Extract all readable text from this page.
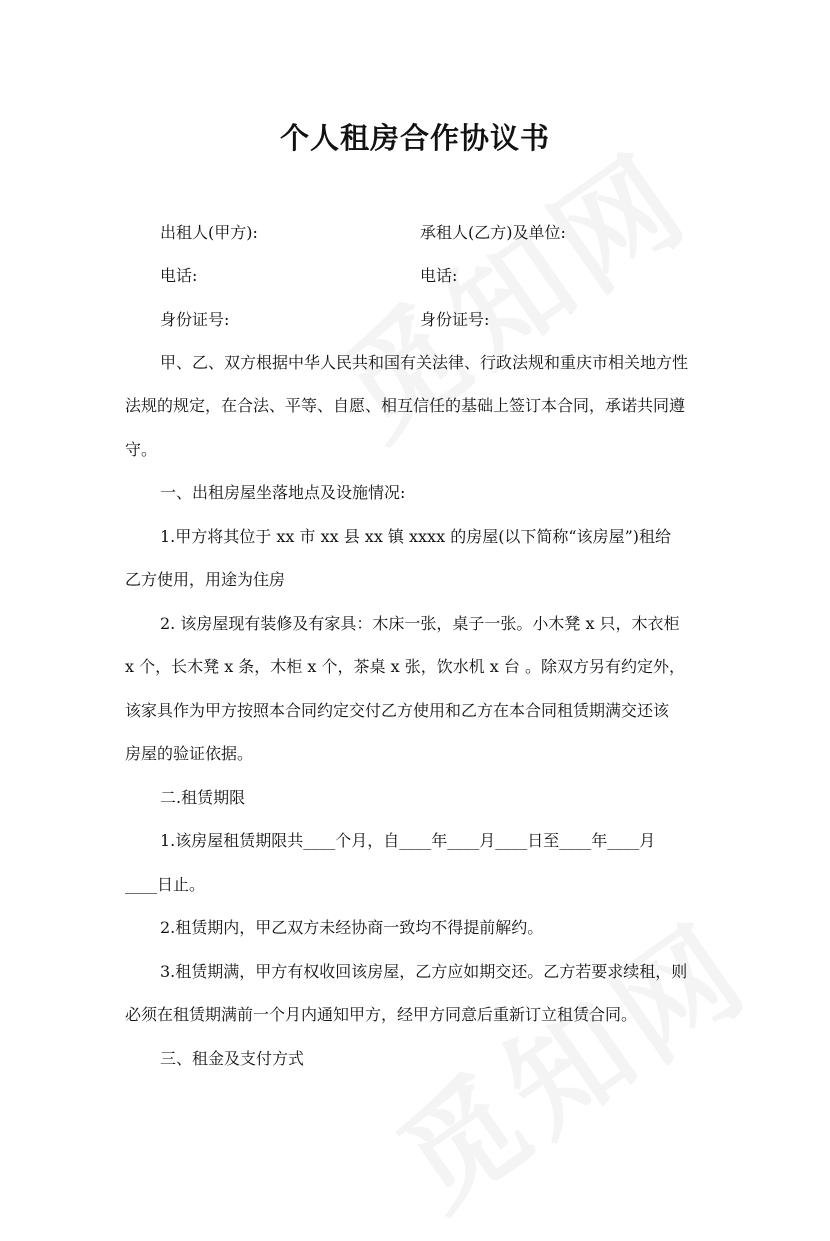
个人租房合作协议书
出租人(甲方):	承租人(乙方)及单位:
电话:	电话:
身份证号:	身份证号:
甲、乙、双方根据中华人民共和国有关法律、行政法规和重庆市相关地方性
法规的规定，在合法、平等、自愿、相互信任的基础上签订本合同，承诺共同遵
守。
一、出租房屋坐落地点及设施情况:
1.甲方将其位于 xx 市 xx 县 xx 镇 xxxx 的房屋(以下简称“该房屋”)租给
乙方使用，用途为住房
2. 该房屋现有装修及有家具：木床一张，桌子一张。小木凳 x 只，木衣柜
x 个，长木凳 x 条，木柜 x 个，茶桌 x 张，饮水机 x 台 。除双方另有约定外，
该家具作为甲方按照本合同约定交付乙方使用和乙方在本合同租赁期满交还该
房屋的验证依据。
二.租赁期限
1.该房屋租赁期限共____个月，自____年____月____日至____年____月
____日止。
2.租赁期内，甲乙双方未经协商一致均不得提前解约。
3.租赁期满，甲方有权收回该房屋，乙方应如期交还。乙方若要求续租，则
必须在租赁期满前一个月内通知甲方，经甲方同意后重新订立租赁合同。
三、租金及支付方式
